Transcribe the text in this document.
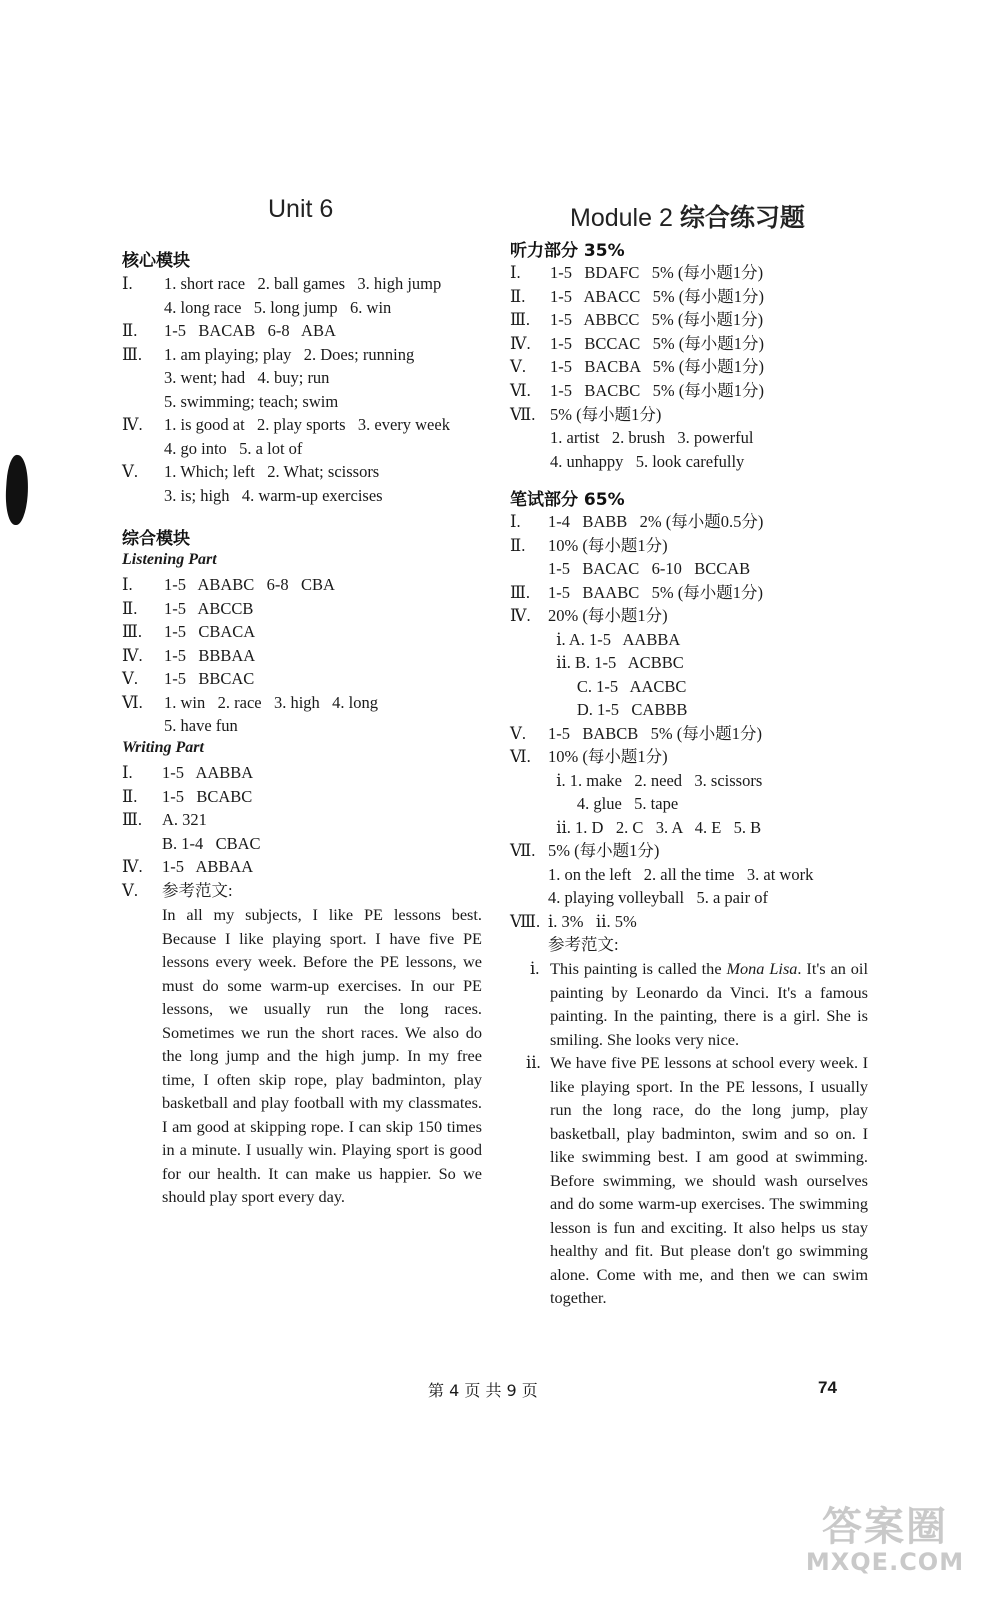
Unit 6
核心模块
Ⅰ. 1. short race   2. ball games   3. high jump
4. long race   5. long jump   6. win
Ⅱ. 1-5   BACAB   6-8   ABA
Ⅲ. 1. am playing; play   2. Does; running
3. went; had   4. buy; run
5. swimming; teach; swim
Ⅳ. 1. is good at   2. play sports   3. every week
4. go into   5. a lot of
Ⅴ. 1. Which; left   2. What; scissors
3. is; high   4. warm-up exercises
综合模块
Listening Part
Ⅰ. 1-5   ABABC   6-8   CBA
Ⅱ. 1-5   ABCCB
Ⅲ. 1-5   CBACA
Ⅳ. 1-5   BBBAA
Ⅴ. 1-5   BBCAC
Ⅵ. 1. win   2. race   3. high   4. long
5. have fun
Writing Part
Ⅰ. 1-5   AABBA
Ⅱ. 1-5   BCABC
Ⅲ. A. 321
B. 1-4   CBAC
Ⅳ. 1-5   ABBAA
Ⅴ. 参考范文:
In all my subjects, I like PE lessons best. Because I like playing sport. I have five PE lessons every week. Before the PE lessons, we must do some warm-up exercises. In our PE lessons, we usually run the long races. Sometimes we run the short races. We also do the long jump and the high jump. In my free time, I often skip rope, play badminton, play basketball and play football with my classmates. I am good at skipping rope. I can skip 150 times in a minute. I usually win. Playing sport is good for our health. It can make us happier. So we should play sport every day.
Module 2 综合练习题
听力部分 35%
Ⅰ. 1-5   BDAFC   5% (每小题1分)
Ⅱ. 1-5   ABACC   5% (每小题1分)
Ⅲ. 1-5   ABBCC   5% (每小题1分)
Ⅳ. 1-5   BCCAC   5% (每小题1分)
Ⅴ. 1-5   BACBA   5% (每小题1分)
Ⅵ. 1-5   BACBC   5% (每小题1分)
Ⅶ. 5% (每小题1分)
1. artist   2. brush   3. powerful
4. unhappy   5. look carefully
笔试部分 65%
Ⅰ. 1-4   BABB   2% (每小题0.5分)
Ⅱ. 10% (每小题1分)
1-5   BACAC   6-10   BCCAB
Ⅲ. 1-5   BAABC   5% (每小题1分)
Ⅳ. 20% (每小题1分)
ⅰ. A. 1-5   AABBA
ⅱ. B. 1-5   ACBBC
C. 1-5   AACBC
D. 1-5   CABBB
Ⅴ. 1-5   BABCB   5% (每小题1分)
Ⅵ. 10% (每小题1分)
ⅰ. 1. make   2. need   3. scissors
4. glue   5. tape
ⅱ. 1. D   2. C   3. A   4. E   5. B
Ⅶ. 5% (每小题1分)
1. on the left   2. all the time   3. at work
4. playing volleyball   5. a pair of
Ⅷ. ⅰ. 3%   ⅱ. 5%
参考范文:
ⅰ. This painting is called the Mona Lisa. It's an oil painting by Leonardo da Vinci. It's a famous painting. In the painting, there is a girl. She is smiling. She looks very nice.
ⅱ. We have five PE lessons at school every week. I like playing sport. In the PE lessons, I usually run the long race, do the long jump, play basketball, play badminton, swim and so on. I like swimming best. I am good at swimming. Before swimming, we should wash ourselves and do some warm-up exercises. The swimming lesson is fun and exciting. It also helps us stay healthy and fit. But please don't go swimming alone. Come with me, and then we can swim together.
第 4 页 共 9 页	74
答案圈
MXQE.COM
